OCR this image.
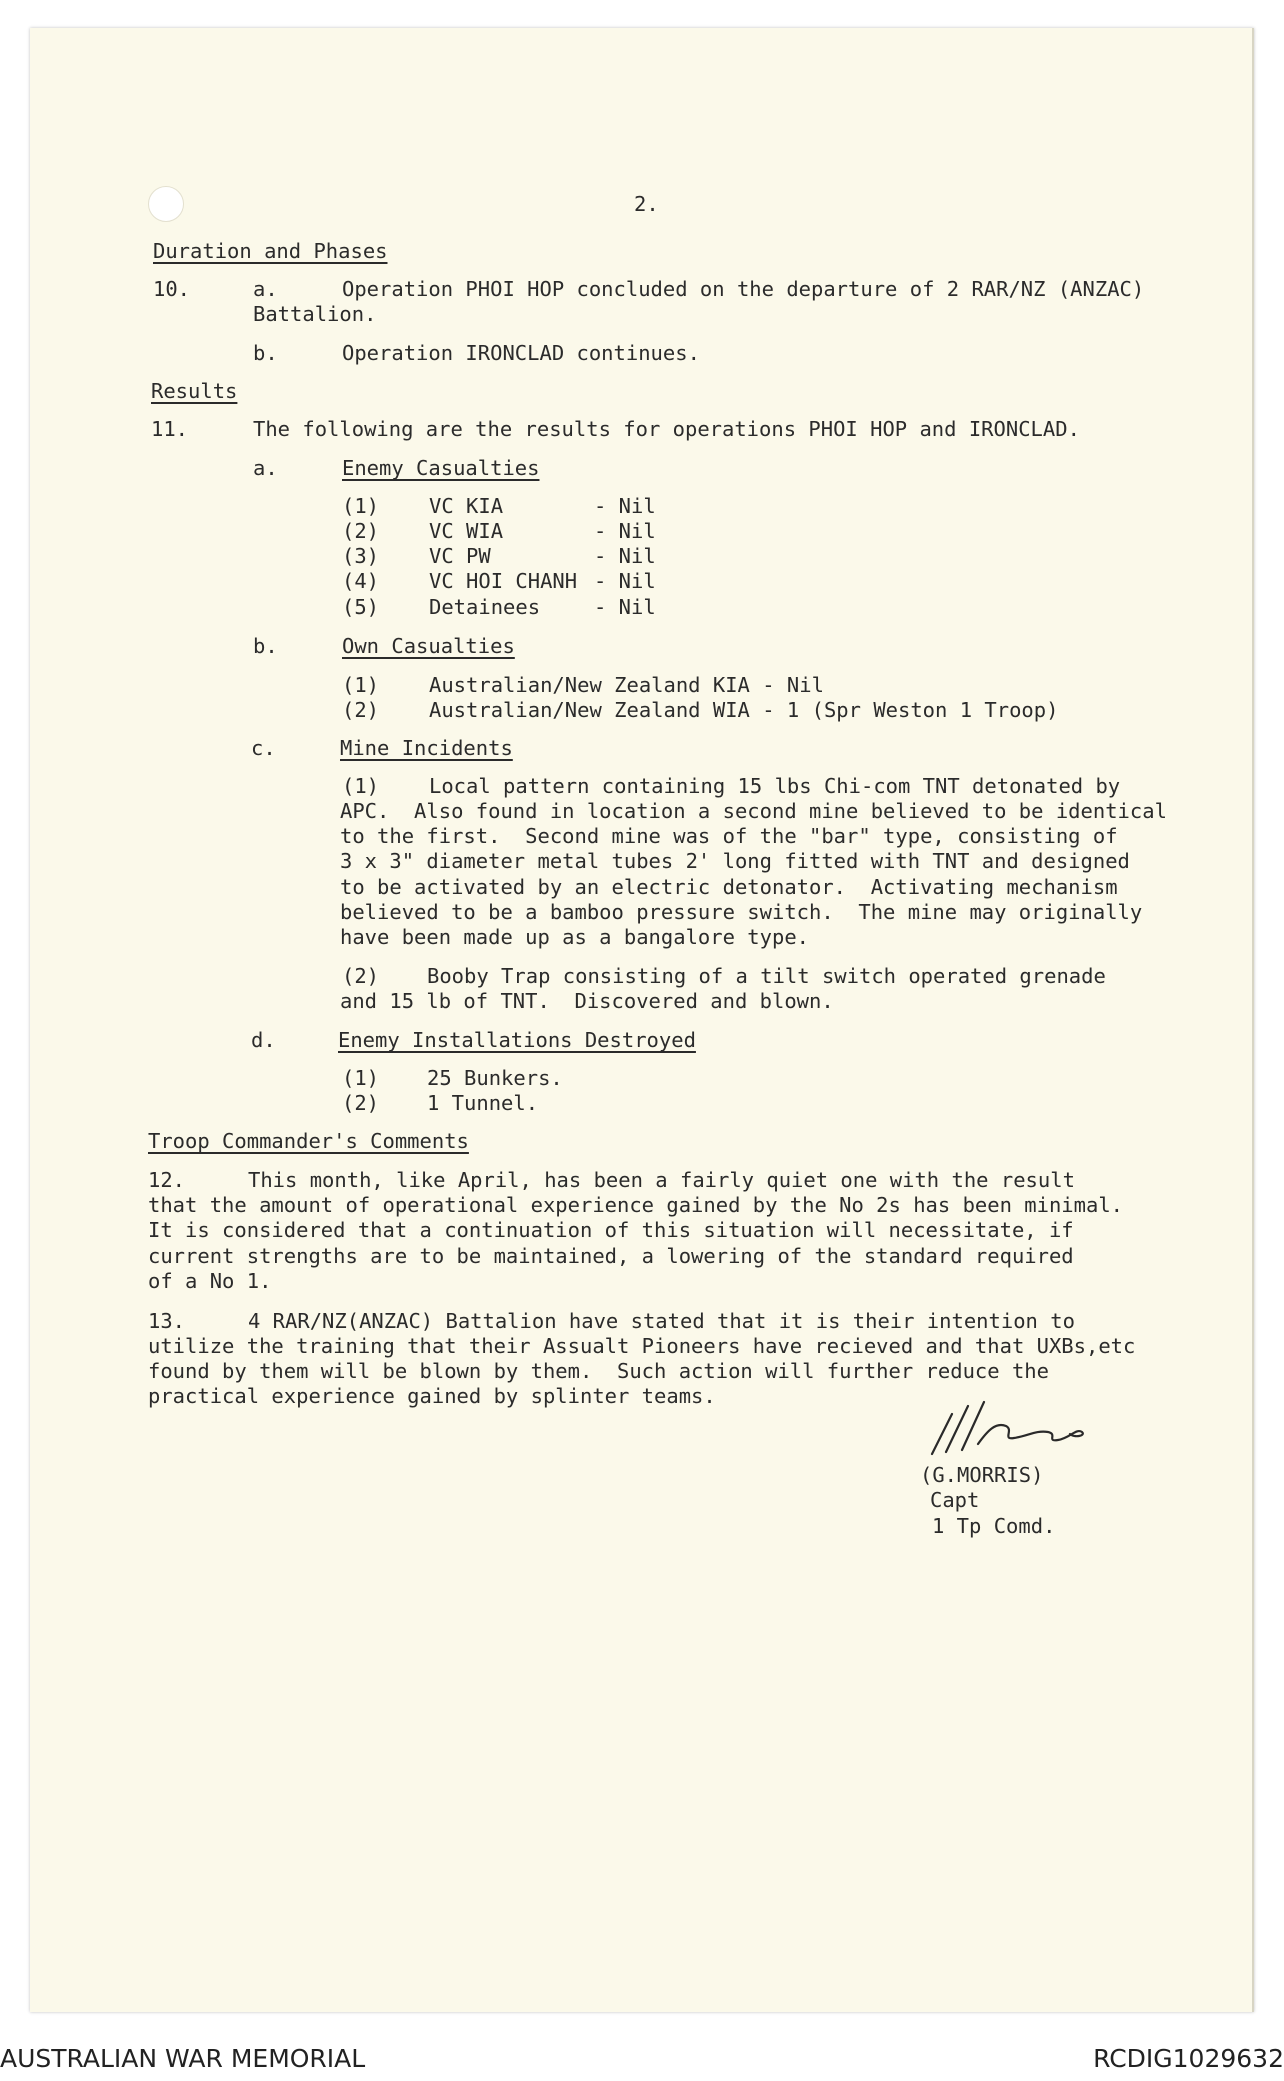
2.
Duration and Phases
10.	a.	Operation PHOI HOP concluded on the departure of 2 RAR/NZ (ANZAC)
Battalion.
b.	Operation IRONCLAD continues.
Results
11.	The following are the results for operations PHOI HOP and IRONCLAD.
a.	Enemy Casualties
(1) VC KIA	- Nil
(2) VC WIA	- Nil
(3) VC PW	- Nil
(4) VC HOI CHANH - Nil
(5) Detainees	- Nil
b.	Own Casualties
(1) Australian/New Zealand KIA - Nil
(2) Australian/New Zealand WIA - 1 (Spr Weston 1 Troop)
c.	Mine Incidents
(1) Local pattern containing 15 lbs Chi-com TNT detonated by
APC.  Also found in location a second mine believed to be identical
to the first.  Second mine was of the "bar" type, consisting of
3 x 3" diameter metal tubes 2' long fitted with TNT and designed
to be activated by an electric detonator.  Activating mechanism
believed to be a bamboo pressure switch.  The mine may originally
have been made up as a bangalore type.
(2) Booby Trap consisting of a tilt switch operated grenade
and 15 lb of TNT.  Discovered and blown.
d.	Enemy Installations Destroyed
(1) 25 Bunkers.
(2) 1 Tunnel.
Troop Commander's Comments
12.	This month, like April, has been a fairly quiet one with the result
that the amount of operational experience gained by the No 2s has been minimal.
It is considered that a continuation of this situation will necessitate, if
current strengths are to be maintained, a lowering of the standard required
of a No 1.
13.	4 RAR/NZ(ANZAC) Battalion have stated that it is their intention to
utilize the training that their Assualt Pioneers have recieved and that UXBs,etc
found by them will be blown by them.  Such action will further reduce the
practical experience gained by splinter teams.
(G.MORRIS)
Capt
1 Tp Comd.
AUSTRALIAN WAR MEMORIAL	RCDIG1029632
